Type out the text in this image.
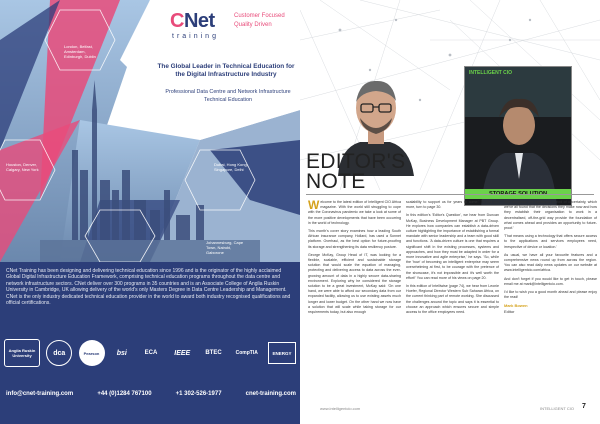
CNet
training
Customer Focused
Quality Driven
The Global Leader in Technical Education for the Digital Infrastructure Industry
Professional Data Centre and Network Infrastructure Technical Education
London, Belfast, Amsterdam, Edinburgh, Dublin
Johannesburg, Cape Town, Nairobi, Gaborone
Dubai, Hong Kong, Singapore, Delhi
Houston, Denver, Calgary, New York

CNet Training has been designing and delivering technical education since 1996 and is the originator of the highly acclaimed Global Digital Infrastructure Education Framework, comprising technical education programs throughout the data centre and network infrastructure sectors. CNet deliver over 300 programs in 35 countries and is an Associate College of Anglia Ruskin University in Cambridge, UK allowing delivery of the world's only Masters Degree in Data Centre Leadership and Management. CNet is the only industry dedicated technical education provider in the world to award both industry recognised qualifications and official certifications.

Anglia Ruskin University	dca	Pearson	bsi	ECA	IEEE	BTEC	CompTIA	ENERGY
info@cnet-training.com	+44 (0)1284 767100	+1 302-526-1977	cnet-training.com
INTELLIGENT CIO
STORAGE SOLUTION
EDITOR'S
NOTE

Welcome to the latest edition of Intelligent CIO Africa magazine. With the world still struggling to cope with the Coronavirus pandemic we take a look at some of the more positive developments that have been occurring in the world of technology.

This month's cover story examines how a leading South African insurance company, Hollard, has used a Sonnet platform. Overhaul, as the best option for future-proofing its storage and strengthening its data resiliency posture.

George McKay, Group Head of IT, was looking for a flexible, scalable, efficient and sustainable storage solution that would scale the equation of managing, protecting and delivering access to data across the ever-growing amount of data in a highly secure data-sharing environment. Exploring why he considered the storage solution to be a great investment, McKay said: 'On one hand, we were able to afford our secondary data from our expanded facility, allowing us to use existing assets much longer and lower budget. On the other hand we now have a solution that will scale while taking storage for our requirements today, but also enough

scalability to support us for years to come.' To find out more, turn to page 30.

In this edition's 'Editor's Question', we hear from Duncan McKay, Business Development Manager at PBT Group. He explores how companies can establish a data-driven culture highlighting the importance of establishing a formal mandate with senior leadership and a team with good skill and functions. 'A data-driven culture is one that requires a significant shift in the existing processes, systems and approaches, and how they must be adapted in order for a more innovative and agile enterprise,' he says. 'So, while the 'how' of becoming an intelligent enterprise may seem overwhelming at first, to be courage with the pretence of the showcase, it's not impossible and it's well worth the effort!' You can read more of his views on page 20.

In this edition of Intelliwise (page 74), we hear from Leonie Hoefer, Regional Director Western Sub Saharan Africa, on the current thinking part of remote working. She discussed the challenges around the topic and says it is essential to choose an approach which ensures secure and simple access to the office employees need.

'We recognise the significant period of uncertainty, which we've all found that the decisions they make now and how they establish their organisation to work in a decentralised, off-the-grid way provide the foundation of what comes ahead and provides an opportunity to future-proof.'

'That means using a technology that offers secure access to the applications and services employees need, irrespective of device or location.'

As usual, we have all your favourite features and a comprehensive news round up from across the region. You can also read daily news updates on our website at www.intelligentcio.com/africa.

And don't forget if you would like to get in touch, please email me at mark@intelligentcio.com.

I'd like to wish you a good month ahead and please enjoy the read!

Mark Bowen
Editor
www.intelligentcio.com	INTELLIGENT CIO 7
